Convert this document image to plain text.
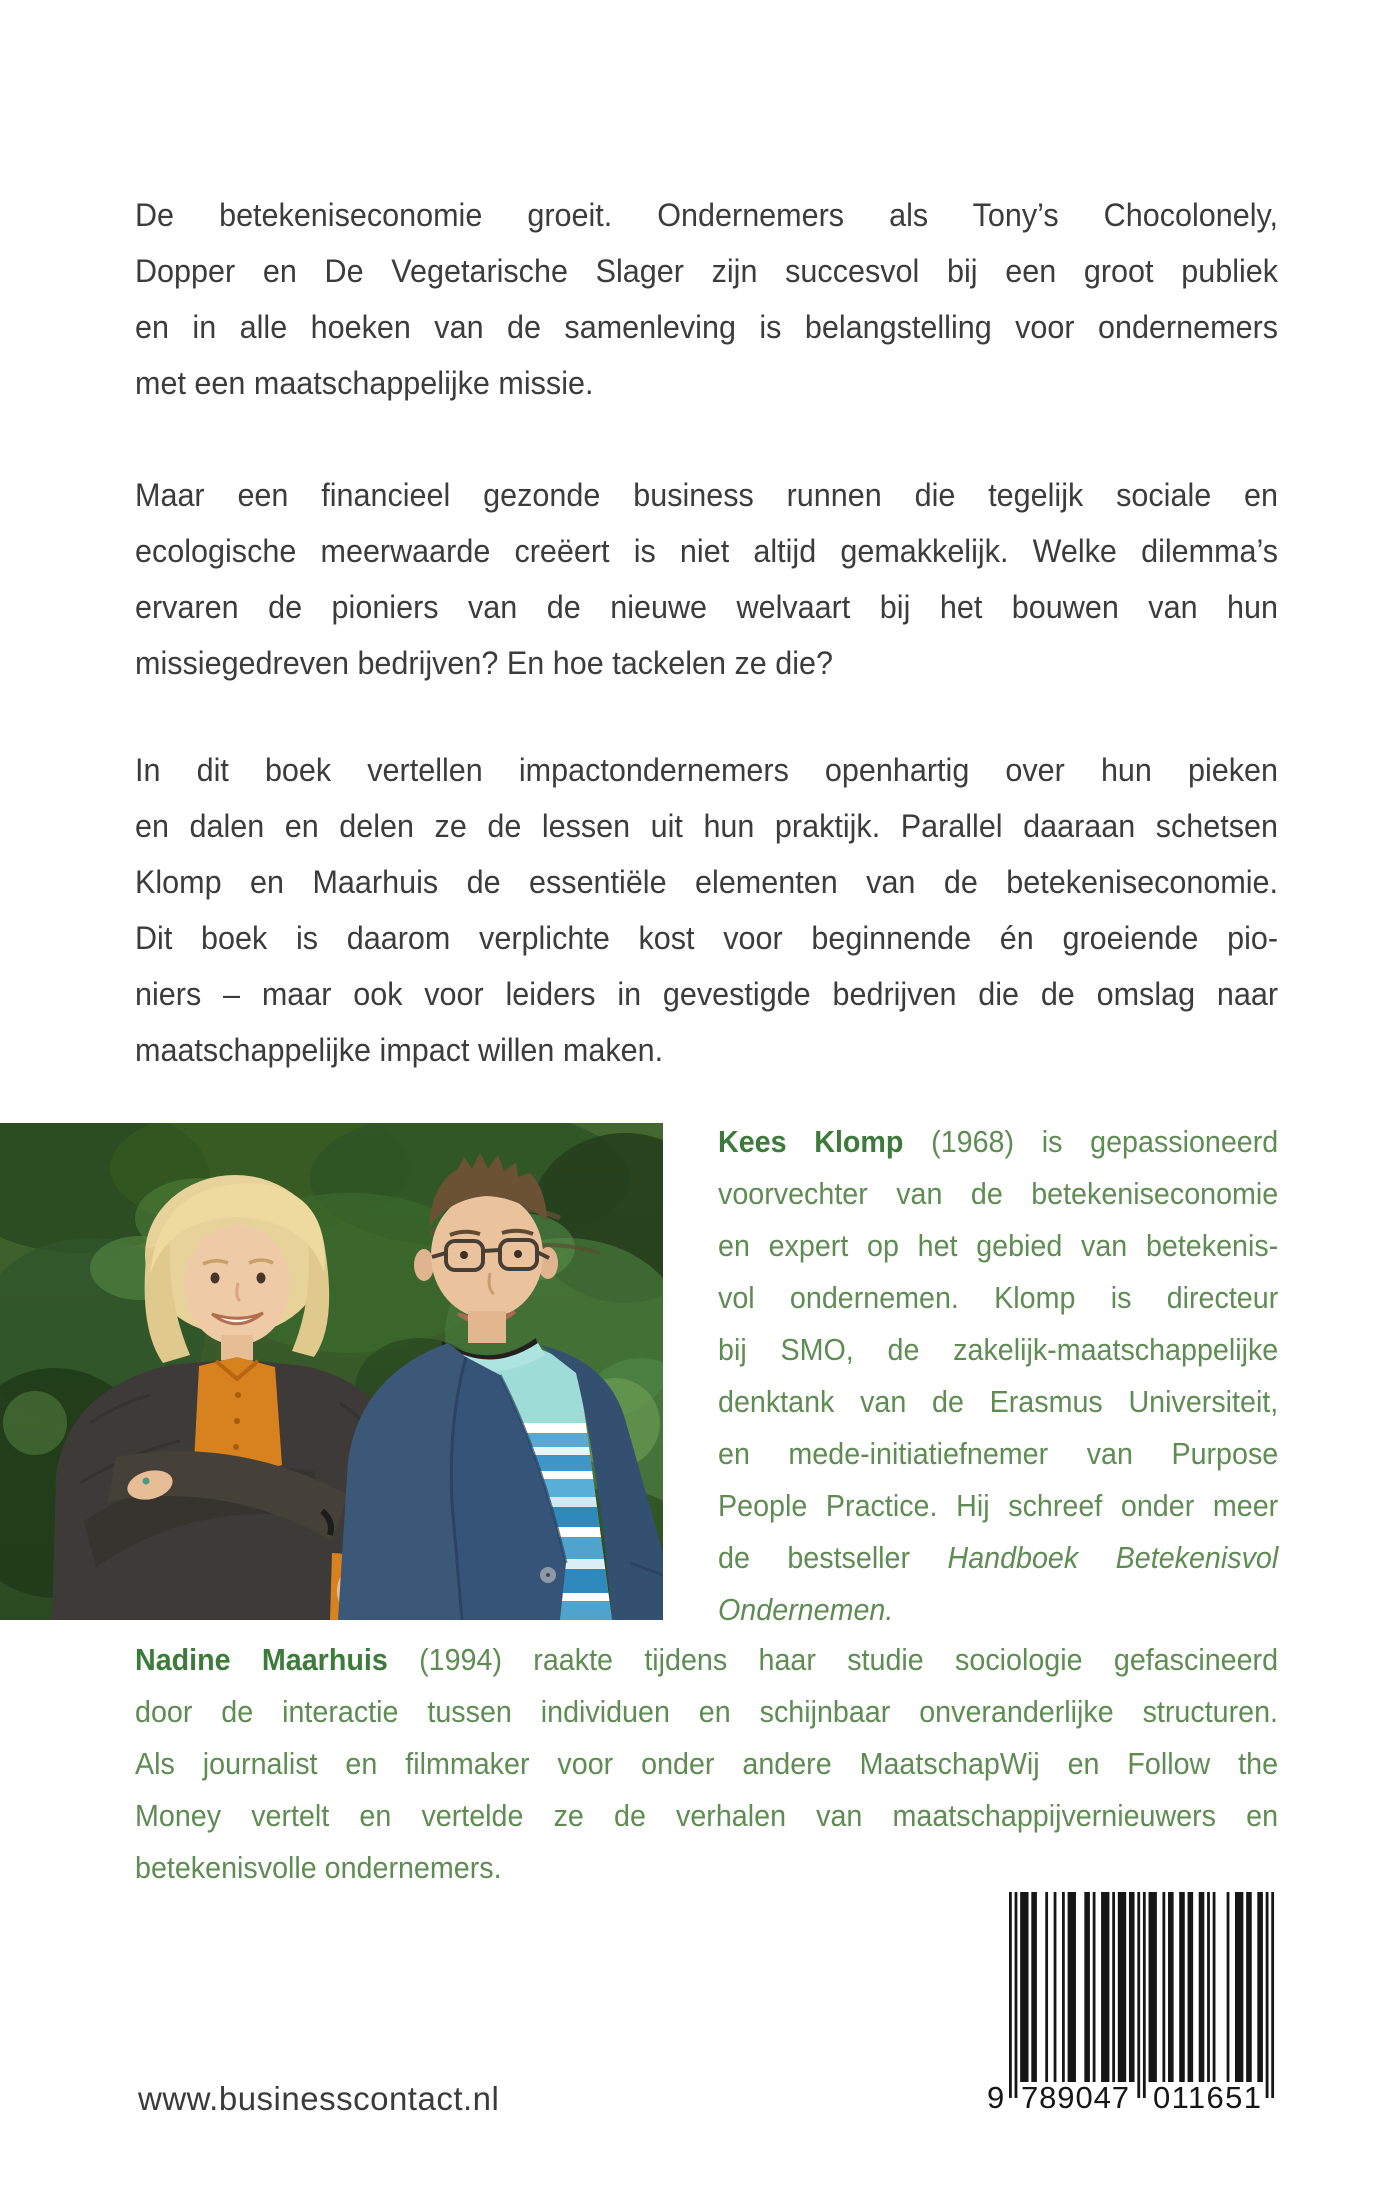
De betekeniseconomie groeit. Ondernemers als Tony’s Chocolonely,
Dopper en De Vegetarische Slager zijn succesvol bij een groot publiek
en in alle hoeken van de samenleving is belangstelling voor ondernemers
met een maatschappelijke missie.
Maar een financieel gezonde business runnen die tegelijk sociale en
ecologische meerwaarde creëert is niet altijd gemakkelijk. Welke dilemma’s
ervaren de pioniers van de nieuwe welvaart bij het bouwen van hun
missiegedreven bedrijven? En hoe tackelen ze die?
In dit boek vertellen impactondernemers openhartig over hun pieken
en dalen en delen ze de lessen uit hun praktijk. Parallel daaraan schetsen
Klomp en Maarhuis de essentiële elementen van de betekeniseconomie.
Dit boek is daarom verplichte kost voor beginnende én groeiende pio-
niers – maar ook voor leiders in gevestigde bedrijven die de omslag naar
maatschappelijke impact willen maken.
Kees Klomp (1968) is gepassioneerd
voorvechter van de betekeniseconomie
en expert op het gebied van betekenis-
vol ondernemen. Klomp is directeur
bij SMO, de zakelijk-maatschappelijke
denktank van de Erasmus Universiteit,
en mede-initiatiefnemer van Purpose
People Practice. Hij schreef onder meer
de bestseller Handboek Betekenisvol
Ondernemen.
Nadine Maarhuis (1994) raakte tijdens haar studie sociologie gefascineerd
door de interactie tussen individuen en schijnbaar onveranderlijke structuren.
Als journalist en filmmaker voor onder andere MaatschapWij en Follow the
Money vertelt en vertelde ze de verhalen van maatschappijvernieuwers en
betekenisvolle ondernemers.
www.businesscontact.nl	9 789047 011651
